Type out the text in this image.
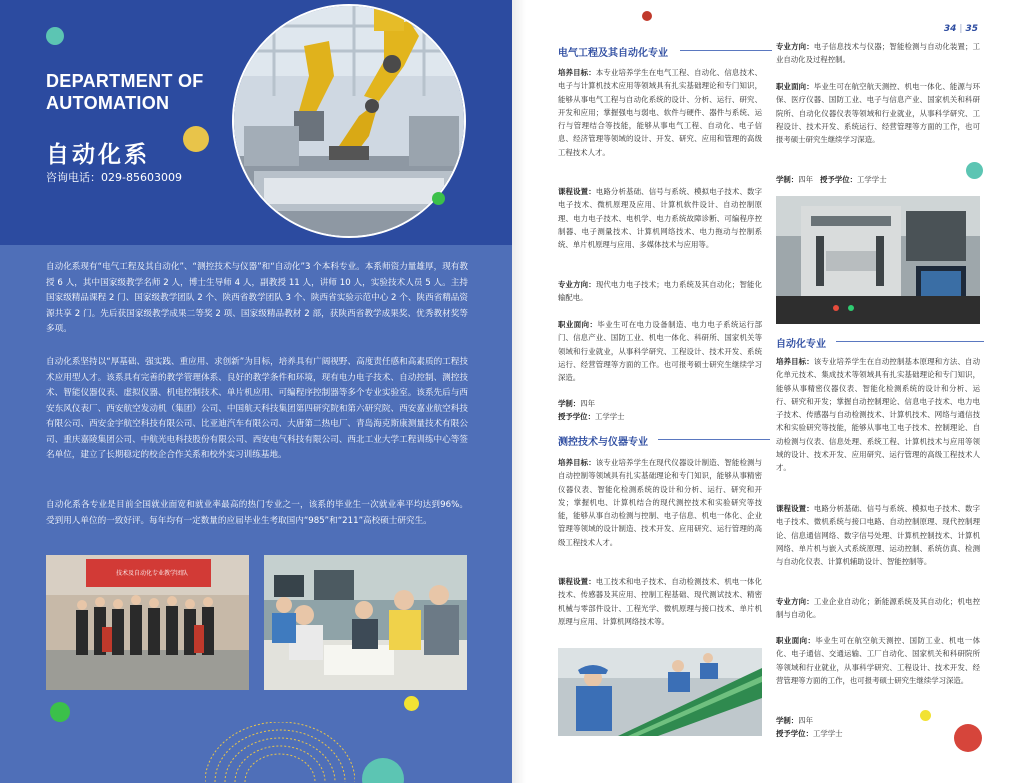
DEPARTMENT OF
AUTOMATION
自动化系
咨询电话：029-85603009
自动化系现有“电气工程及其自动化”、“测控技术与仪器”和“自动化”3 个本科专业。本系师资力量雄厚，现有教授 6 人，其中国家级教学名师 2 人，博士生导师 4 人，副教授 11 人，讲师 10 人，实验技术人员 5 人。主持国家级精品课程 2 门、国家级教学团队 2 个、陕西省教学团队 3 个、陕西省实验示范中心 2 个、陕西省精品资源共享 2 门。先后获国家级教学成果二等奖 2 项、国家级精品教材 2 部，获陕西省教学成果奖、优秀教材奖等多项。
自动化系坚持以“厚基础、强实践、重应用、求创新”为目标，培养具有广阔视野、高度责任感和高素质的工程技术应用型人才。该系具有完善的教学管理体系、良好的教学条件和环境，现有电力电子技术、自动控制、测控技术、智能仪器仪表、虚拟仪器、机电控制技术、单片机应用、可编程序控制器等多个专业实验室。该系先后与西安东风仪表厂、西安航空发动机（集团）公司、中国航天科技集团第四研究院和第六研究院、西安嘉业航空科技有限公司、西安金宇航空科技有限公司、比亚迪汽车有限公司、大唐第二热电厂、青岛海克斯康测量技术有限公司、重庆嘉陵集团公司、中航光电科技股份有限公司、西安电气科技有限公司、西北工业大学工程训练中心等签名单位，建立了长期稳定的校企合作关系和校外实习训练基地。
自动化系各专业是目前全国就业面宽和就业率最高的热门专业之一，该系的毕业生一次就业率平均达到96%。受到用人单位的一致好评。每年均有一定数量的应届毕业生考取国内“985”和“211”高校硕士研究生。
技术及自动化专业教学团队
34 | 35
电气工程及其自动化专业
培养目标：本专业培养学生在电气工程、自动化、信息技术、电子与计算机技术应用等领域具有扎实基础理论和专门知识，能够从事电气工程与自动化系统的设计、分析、运行、研究、开发和应用；掌握强电与弱电、软件与硬件、器件与系统、运行与管理结合等技能，能够从事电气工程、自动化、电子信息、经济管理等领域的设计、开发、研究、应用和管理的高级工程技术人才。
课程设置：电路分析基础、信号与系统、模拟电子技术、数字电子技术、微机原理及应用、计算机软件设计、自动控制原理、电力电子技术、电机学、电力系统故障诊断、可编程序控制器、电子测量技术、计算机网络技术、电力拖动与控制系统、单片机原理与应用、多媒体技术与应用等。
专业方向：现代电力电子技术；电力系统及其自动化；智能化输配电。
职业面向：毕业生可在电力设备制造、电力电子系统运行部门、信息产业、国防工业、机电一体化、科研所、国家机关等领域和行业就业，从事科学研究、工程设计、技术开发、系统运行、经营管理等方面的工作。也可报考硕士研究生继续学习深造。
学制：四年
授予学位：工学学士
测控技术与仪器专业
培养目标：该专业培养学生在现代仪器设计制造、智能检测与自动控制等领域具有扎实基础理论和专门知识，能够从事精密仪器仪表、智能化检测系统的设计和分析、运行、研究和开发；掌握机电、计算机结合的现代测控技术和实验研究等技能，能够从事自动检测与控制、电子信息、机电一体化、企业管理等领域的设计制造、技术开发、应用研究、运行管理的高级工程技术人才。
课程设置：电工技术和电子技术、自动检测技术、机电一体化技术、传感器及其应用、控制工程基础、现代测试技术、精密机械与零部件设计、工程光学、微机原理与接口技术、单片机原理与应用、计算机网络技术等。
专业方向：电子信息技术与仪器；智能检测与自动化装置；工业自动化及过程控制。
职业面向：毕业生可在航空航天测控、机电一体化、能源与环保、医疗仪器、国防工业、电子与信息产业、国家机关和科研院所、自动化仪器仪表等领域和行业就业，从事科学研究、工程设计、技术开发、系统运行、经营管理等方面的工作，也可报考硕士研究生继续学习深造。
学制：四年 授予学位：工学学士
自动化专业
培养目标：该专业培养学生在自动控制基本原理和方法、自动化单元技术、集成技术等领域具有扎实基础理论和专门知识，能够从事精密仪器仪表、智能化检测系统的设计和分析、运行、研究和开发；掌握自动控制理论、信息电子技术、电力电子技术、传感器与自动检测技术、计算机技术、网络与通信技术和实验研究等技能，能够从事电工电子技术、控制理论、自动检测与仪表、信息处理、系统工程、计算机技术与应用等领域的设计、技术开发、应用研究、运行管理的高级工程技术人才。
课程设置：电路分析基础、信号与系统、模拟电子技术、数字电子技术、微机系统与接口电路、自动控制原理、现代控制理论、信息通信网络、数字信号处理、计算机控制技术、计算机网络、单片机与嵌入式系统原理、运动控制、系统仿真、检测与自动化仪表、计算机辅助设计、智能控制等。
专业方向：工业企业自动化；新能源系统及其自动化；机电控制与自动化。
职业面向：毕业生可在航空航天测控、国防工业、机电一体化、电子通信、交通运输、工厂自动化、国家机关和科研院所等领域和行业就业，从事科学研究、工程设计、技术开发、经营管理等方面的工作，也可报考硕士研究生继续学习深造。
学制：四年
授予学位：工学学士
